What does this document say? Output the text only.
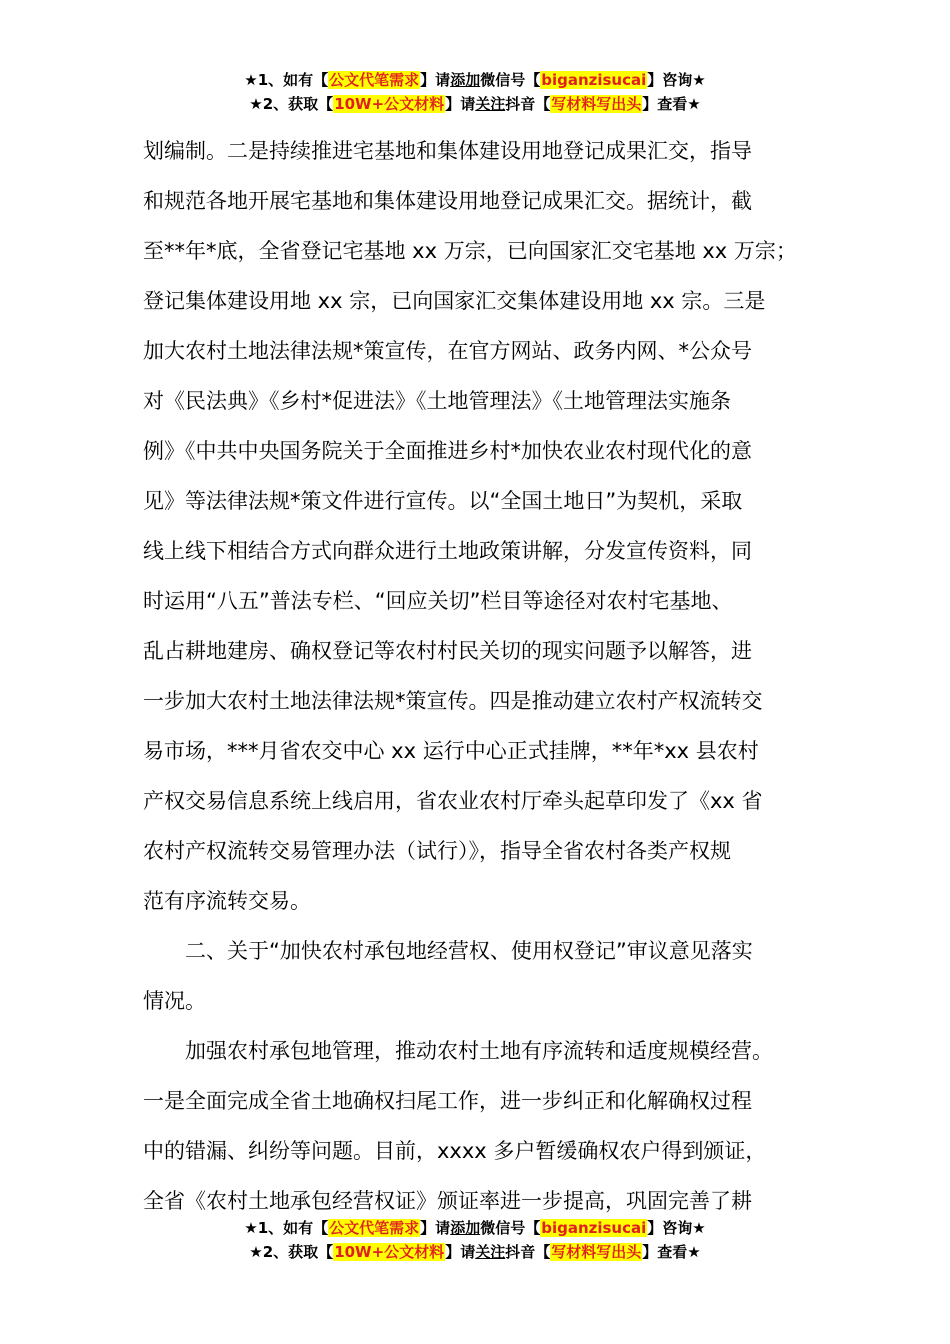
★1、如有【公文代笔需求】请添加微信号【biganzisucai】咨询★
★2、获取【10W+公文材料】请关注抖音【写材料写出头】查看★
划编制。二是持续推进宅基地和集体建设用地登记成果汇交，指导
和规范各地开展宅基地和集体建设用地登记成果汇交。据统计，截
至**年*底，全省登记宅基地 xx 万宗，已向国家汇交宅基地 xx 万宗；
登记集体建设用地 xx 宗，已向国家汇交集体建设用地 xx 宗。三是
加大农村土地法律法规*策宣传，在官方网站、政务内网、*公众号
对《民法典》《乡村*促进法》《土地管理法》《土地管理法实施条
例》《中共中央国务院关于全面推进乡村*加快农业农村现代化的意
见》等法律法规*策文件进行宣传。以“全国土地日”为契机，采取
线上线下相结合方式向群众进行土地政策讲解，分发宣传资料，同
时运用“八五”普法专栏、“回应关切”栏目等途径对农村宅基地、
乱占耕地建房、确权登记等农村村民关切的现实问题予以解答，进
一步加大农村土地法律法规*策宣传。四是推动建立农村产权流转交
易市场，***月省农交中心 xx 运行中心正式挂牌，**年*xx 县农村
产权交易信息系统上线启用，省农业农村厅牵头起草印发了《xx 省
农村产权流转交易管理办法（试行）》，指导全省农村各类产权规
范有序流转交易。
　　二、关于“加快农村承包地经营权、使用权登记”审议意见落实
情况。
　　加强农村承包地管理，推动农村土地有序流转和适度规模经营。
一是全面完成全省土地确权扫尾工作，进一步纠正和化解确权过程
中的错漏、纠纷等问题。目前，xxxx 多户暂缓确权农户得到颁证，
全省《农村土地承包经营权证》颁证率进一步提高，巩固完善了耕
★1、如有【公文代笔需求】请添加微信号【biganzisucai】咨询★
★2、获取【10W+公文材料】请关注抖音【写材料写出头】查看★
